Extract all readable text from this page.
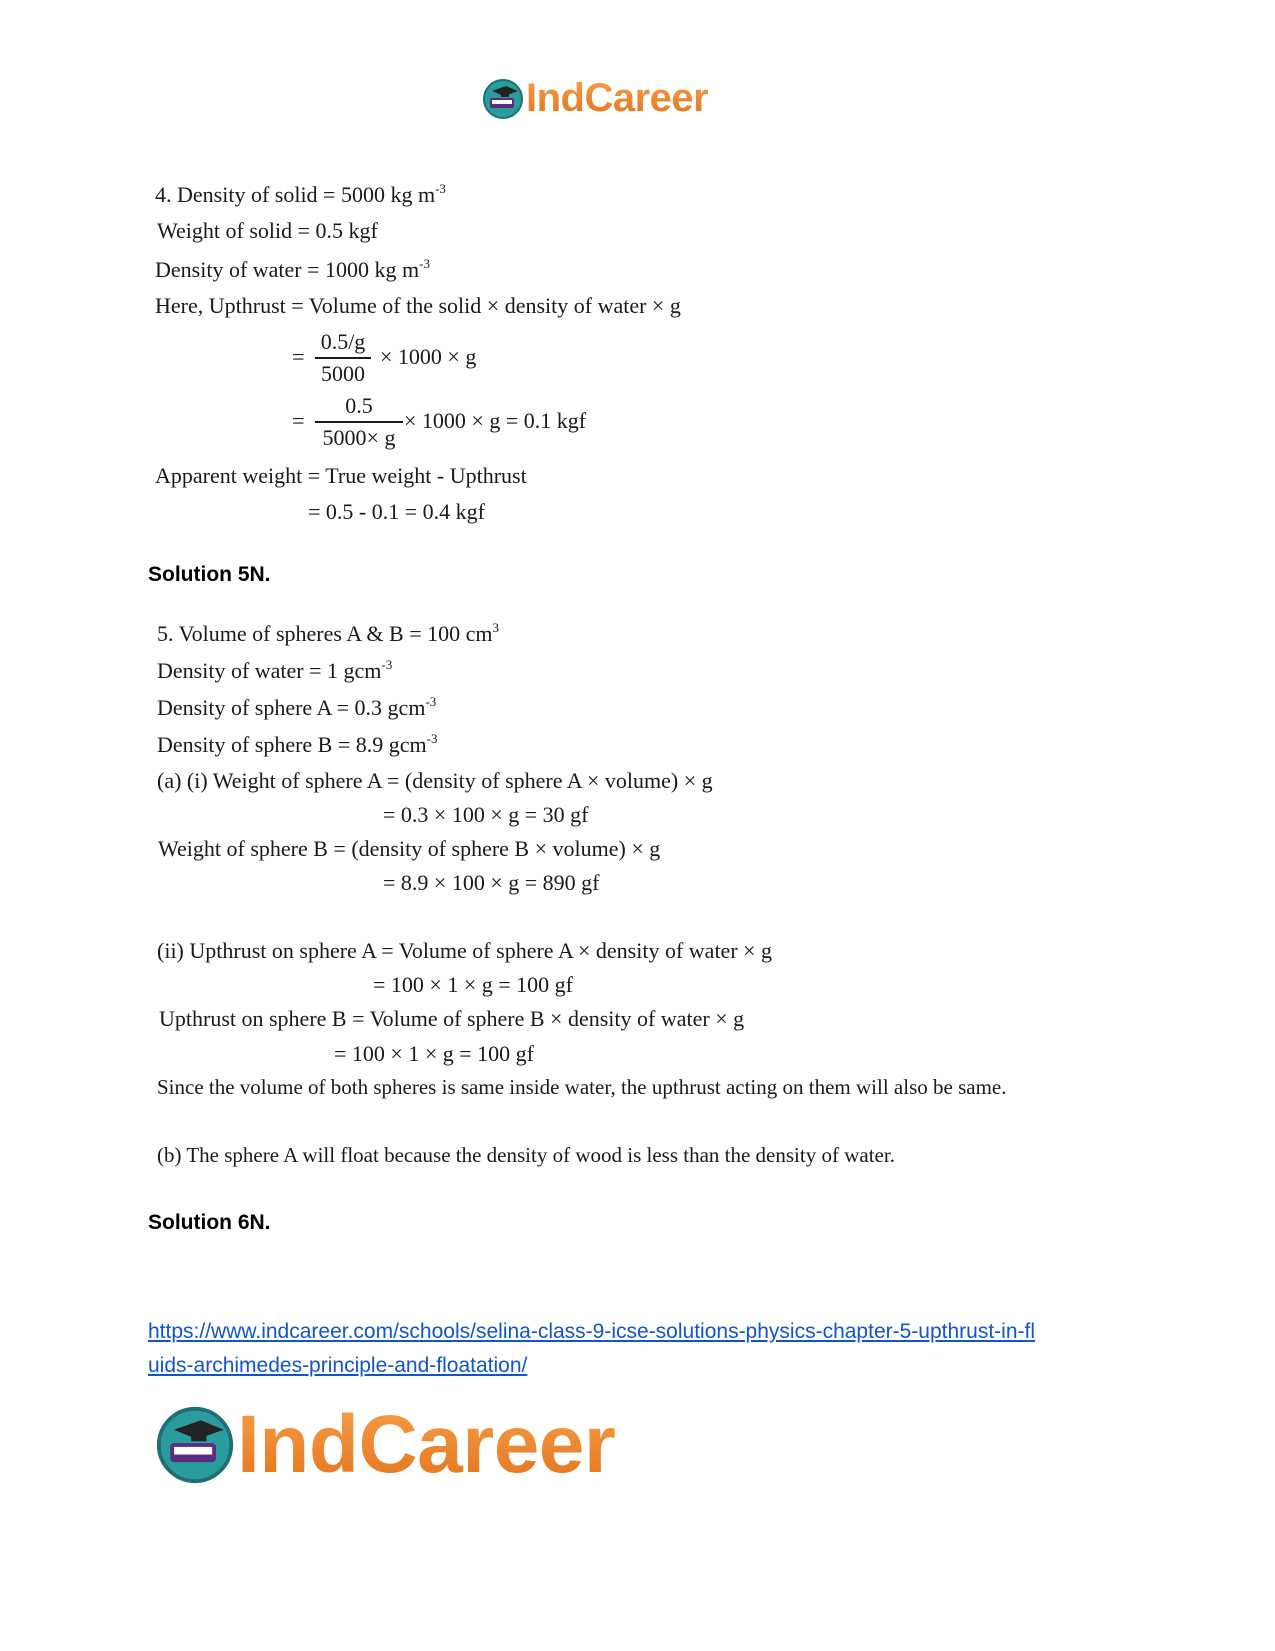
IndCareer
4. Density of solid = 5000 kg $m^{-3}$
Weight of solid = 0.5 kgf
Density of water = 1000 kg $m^{-3}$
Here, Upthrust = Volume of the solid × density of water × g
=
0.5/g
5000
× 1000 × g
=
0.5
5000× g
× 1000 × g = 0.1 kgf
Apparent weight = True weight - Upthrust
= 0.5 - 0.1 = 0.4 kgf
Solution 5N.
5. Volume of spheres A & B = 100 $cm^3$
Density of water = 1 gcm$^{-3}$
Density of sphere A = 0.3 gcm$^{-3}$
Density of sphere B = 8.9 gcm$^{-3}$
(a) (i) Weight of sphere A = (density of sphere A × volume) × g
= 0.3 × 100 × g = 30 gf
Weight of sphere B = (density of sphere B × volume) × g
= 8.9 × 100 × g = 890 gf
(ii) Upthrust on sphere A = Volume of sphere A × density of water × g
= 100 × 1 × g = 100 gf
Upthrust on sphere B = Volume of sphere B × density of water × g
= 100 × 1 × g = 100 gf
Since the volume of both spheres is same inside water, the upthrust acting on them will also be same.
(b) The sphere A will float because the density of wood is less than the density of water.
Solution 6N.
https://www.indcareer.com/schools/selina-class-9-icse-solutions-physics-chapter-5-upthrust-in-fl
uids-archimedes-principle-and-floatation/
IndCareer
